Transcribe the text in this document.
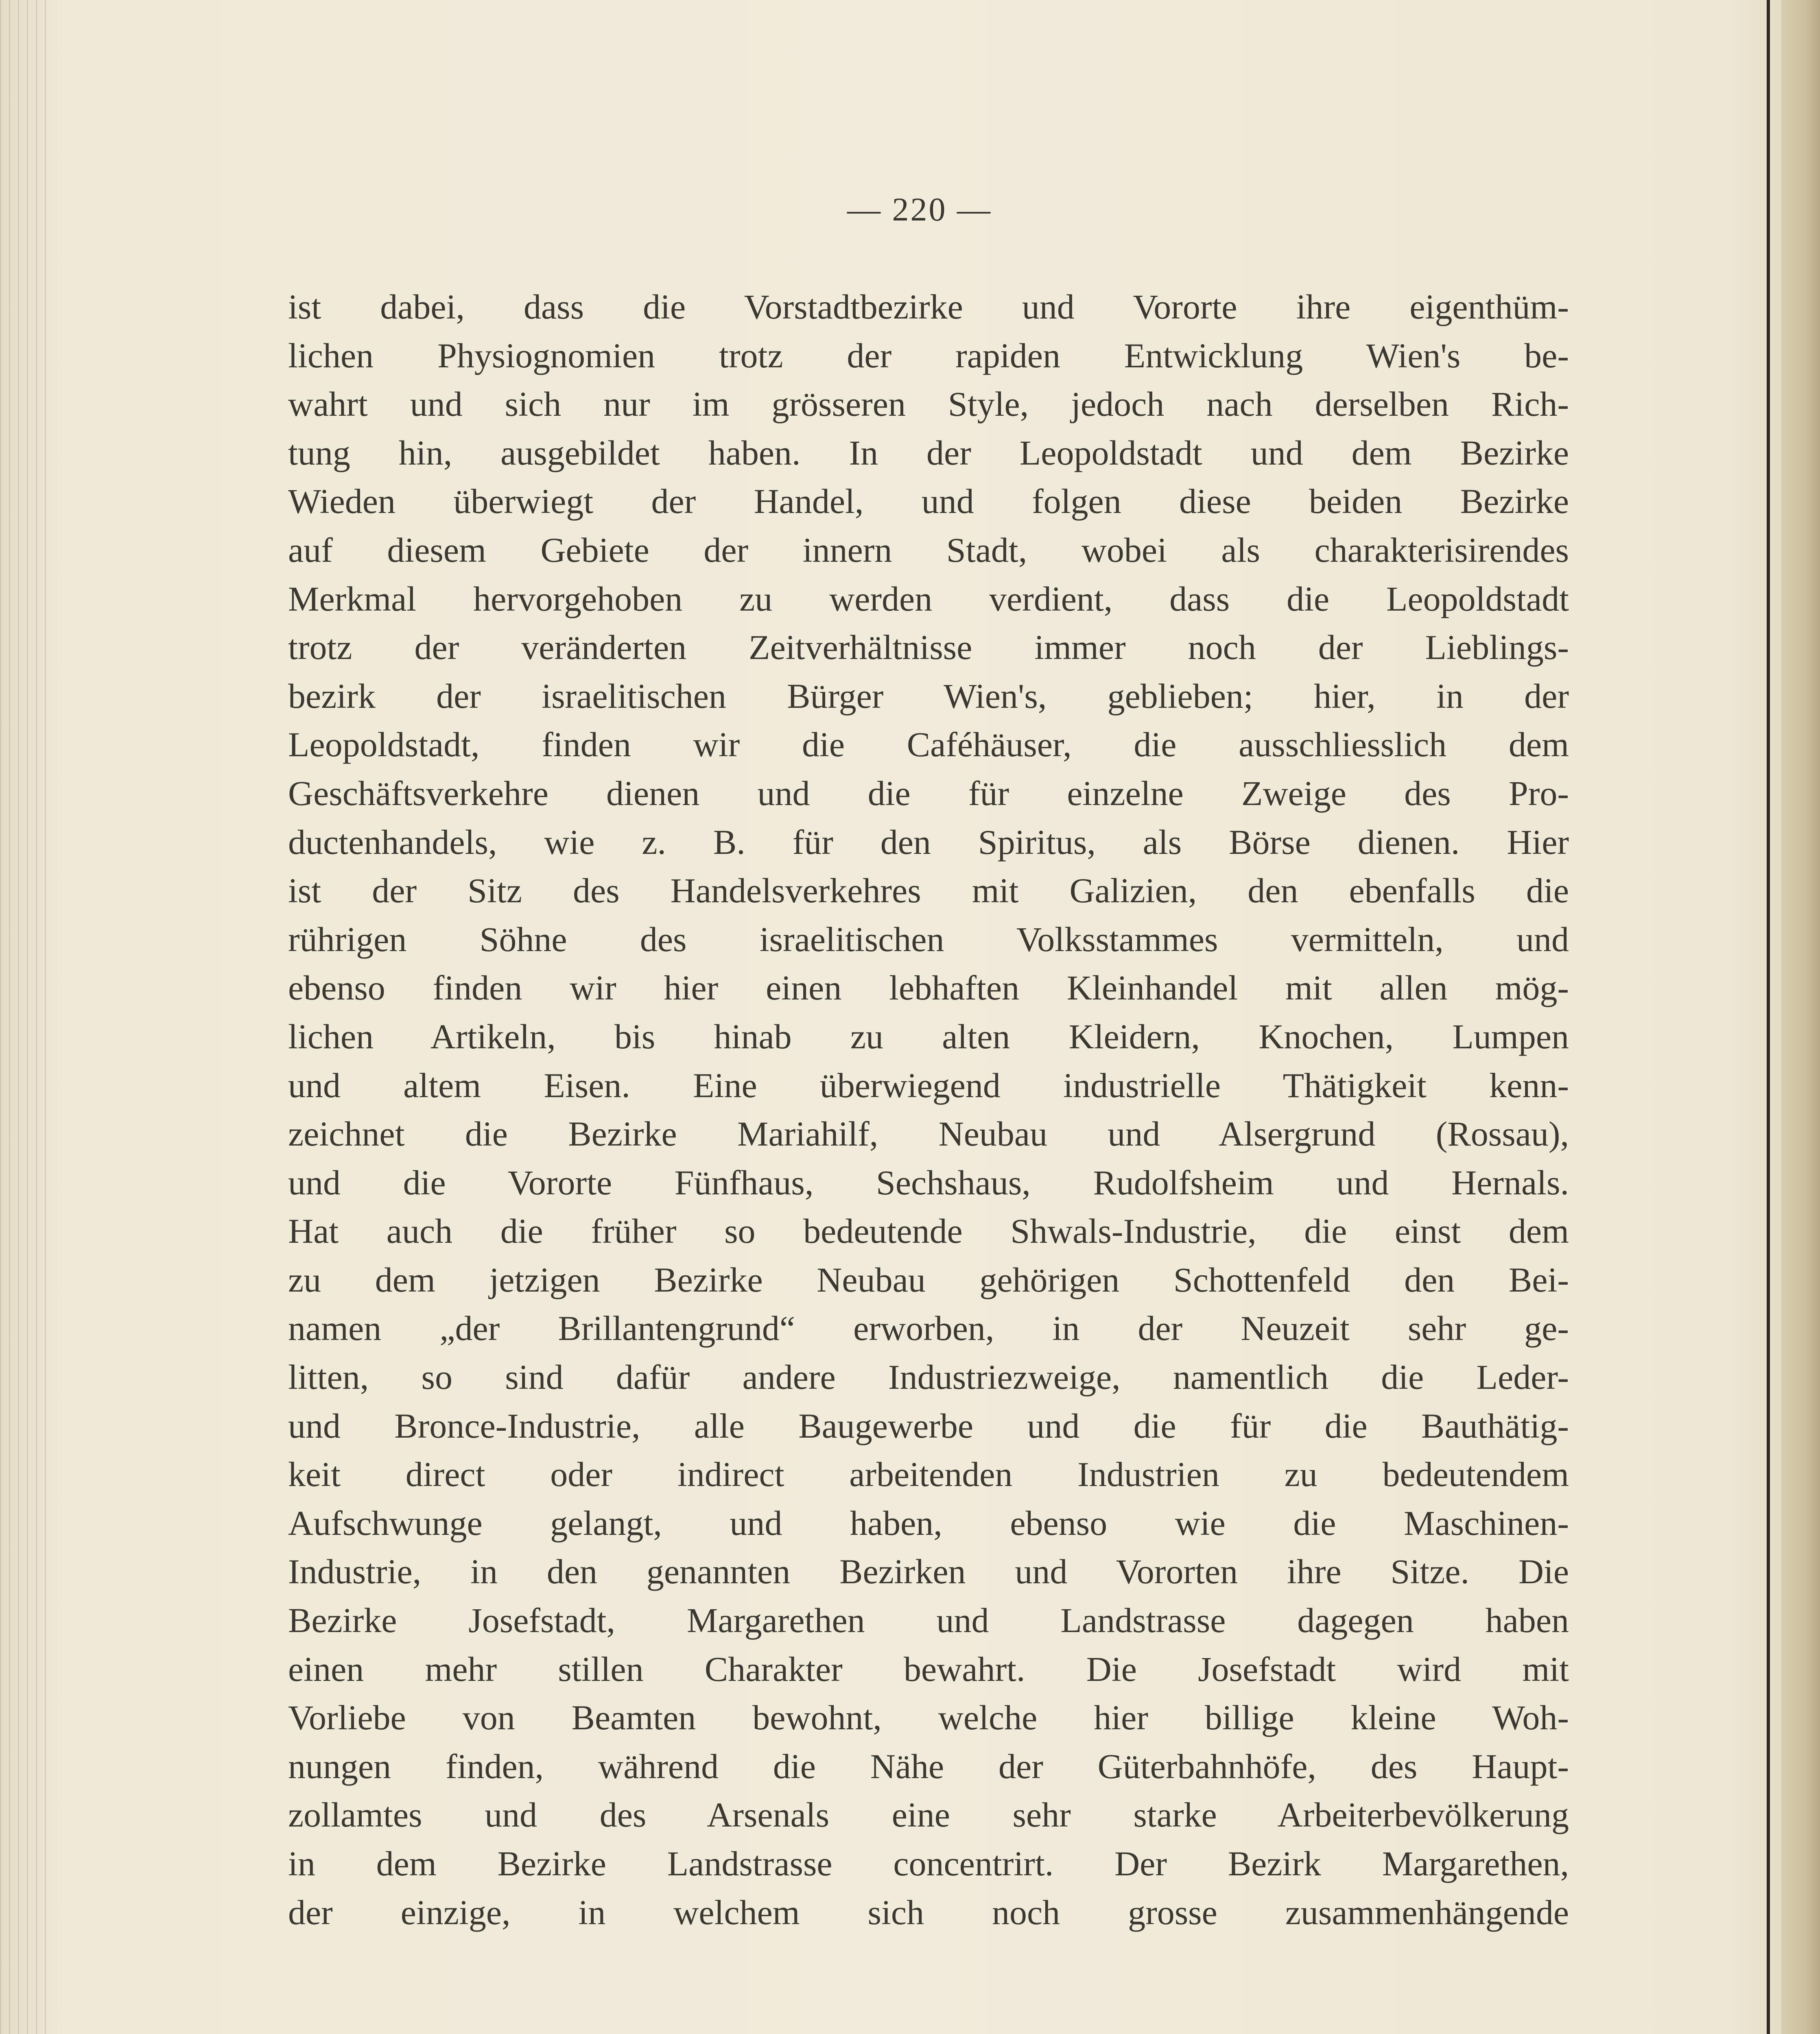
— 220 —
ist dabei, dass die Vorstadtbezirke und Vororte ihre eigenthüm-
lichen Physiognomien trotz der rapiden Entwicklung Wien's be-
wahrt und sich nur im grösseren Style, jedoch nach derselben Rich-
tung hin, ausgebildet haben. In der Leopoldstadt und dem Bezirke
Wieden überwiegt der Handel, und folgen diese beiden Bezirke
auf diesem Gebiete der innern Stadt, wobei als charakterisirendes
Merkmal hervorgehoben zu werden verdient, dass die Leopoldstadt
trotz der veränderten Zeitverhältnisse immer noch der Lieblings-
bezirk der israelitischen Bürger Wien's, geblieben; hier, in der
Leopoldstadt, finden wir die Caféhäuser, die ausschliesslich dem
Geschäftsverkehre dienen und die für einzelne Zweige des Pro-
ductenhandels, wie z. B. für den Spiritus, als Börse dienen. Hier
ist der Sitz des Handelsverkehres mit Galizien, den ebenfalls die
rührigen Söhne des israelitischen Volksstammes vermitteln, und
ebenso finden wir hier einen lebhaften Kleinhandel mit allen mög-
lichen Artikeln, bis hinab zu alten Kleidern, Knochen, Lumpen
und altem Eisen. Eine überwiegend industrielle Thätigkeit kenn-
zeichnet die Bezirke Mariahilf, Neubau und Alsergrund (Rossau),
und die Vororte Fünfhaus, Sechshaus, Rudolfsheim und Hernals.
Hat auch die früher so bedeutende Shwals-Industrie, die einst dem
zu dem jetzigen Bezirke Neubau gehörigen Schottenfeld den Bei-
namen „der Brillantengrund“ erworben, in der Neuzeit sehr ge-
litten, so sind dafür andere Industriezweige, namentlich die Leder-
und Bronce-Industrie, alle Baugewerbe und die für die Bauthätig-
keit direct oder indirect arbeitenden Industrien zu bedeutendem
Aufschwunge gelangt, und haben, ebenso wie die Maschinen-
Industrie, in den genannten Bezirken und Vororten ihre Sitze. Die
Bezirke Josefstadt, Margarethen und Landstrasse dagegen haben
einen mehr stillen Charakter bewahrt. Die Josefstadt wird mit
Vorliebe von Beamten bewohnt, welche hier billige kleine Woh-
nungen finden, während die Nähe der Güterbahnhöfe, des Haupt-
zollamtes und des Arsenals eine sehr starke Arbeiterbevölkerung
in dem Bezirke Landstrasse concentrirt. Der Bezirk Margarethen,
der einzige, in welchem sich noch grosse zusammenhängende
